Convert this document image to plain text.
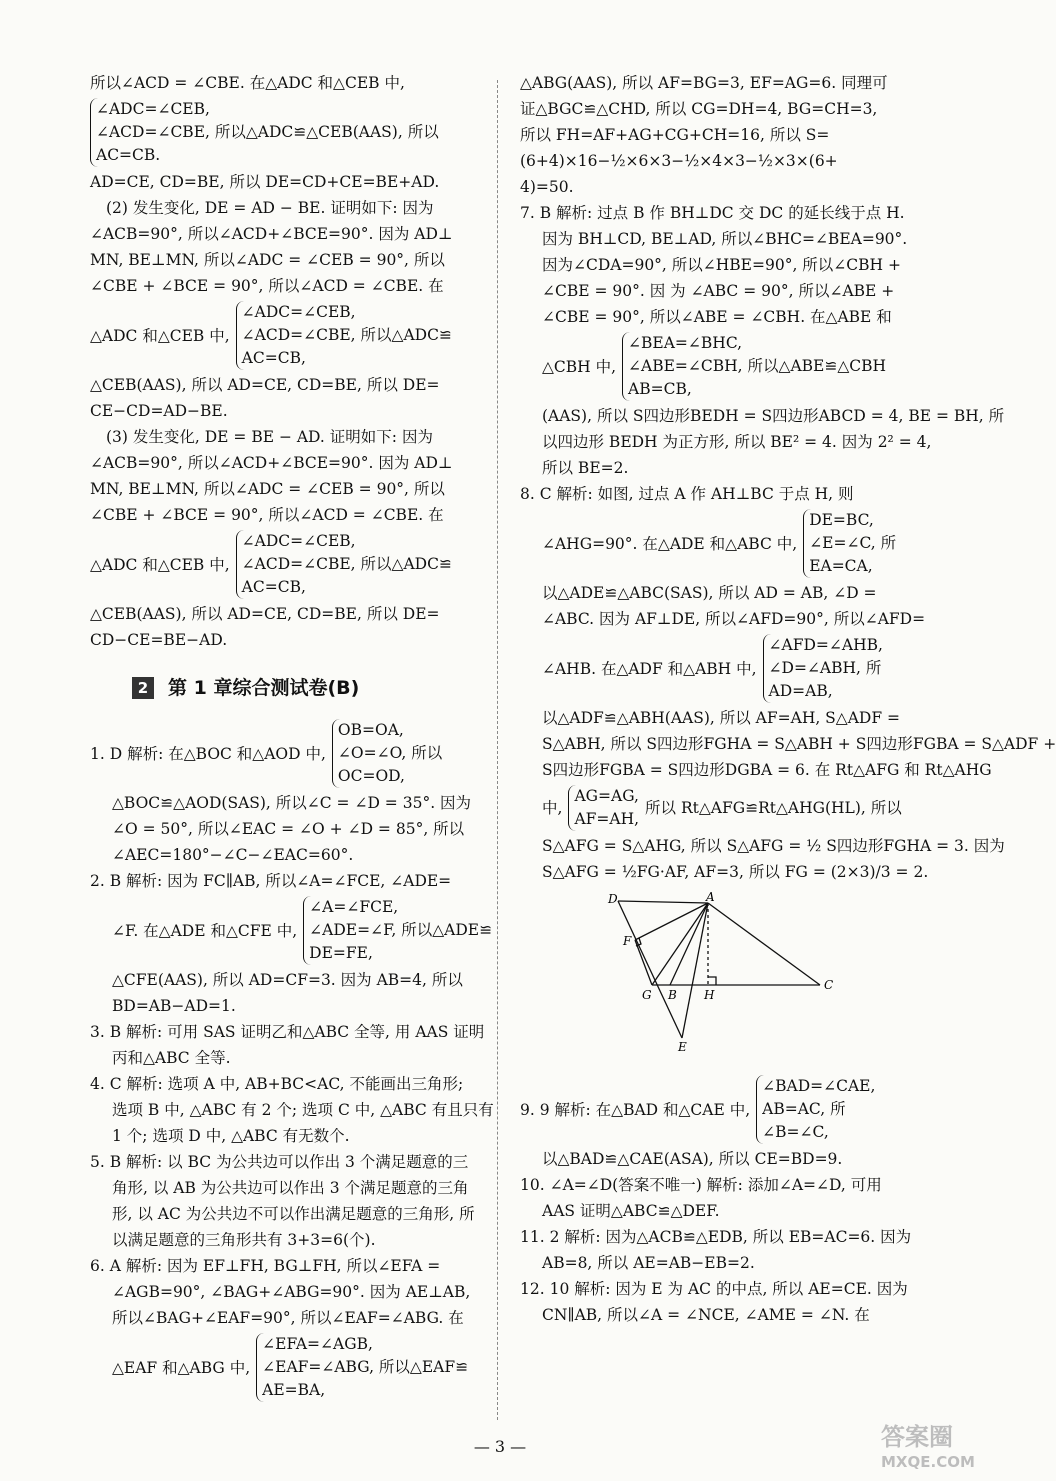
所以∠ACD = ∠CBE. 在△ADC 和△CEB 中,
∠ADC=∠CEB,
∠ACD=∠CBE, 所以△ADC≌△CEB(AAS), 所以
AC=CB.
AD=CE, CD=BE, 所以 DE=CD+CE=BE+AD.
(2) 发生变化, DE = AD − BE. 证明如下: 因为
∠ACB=90°, 所以∠ACD+∠BCE=90°. 因为 AD⊥
MN, BE⊥MN, 所以∠ADC = ∠CEB = 90°, 所以
∠CBE + ∠BCE = 90°, 所以∠ACD = ∠CBE. 在
△ADC 和△CEB 中,
∠ADC=∠CEB,
∠ACD=∠CBE, 所以△ADC≌
AC=CB,
△CEB(AAS), 所以 AD=CE, CD=BE, 所以 DE=
CE−CD=AD−BE.
(3) 发生变化, DE = BE − AD. 证明如下: 因为
∠ACB=90°, 所以∠ACD+∠BCE=90°. 因为 AD⊥
MN, BE⊥MN, 所以∠ADC = ∠CEB = 90°, 所以
∠CBE + ∠BCE = 90°, 所以∠ACD = ∠CBE. 在
△ADC 和△CEB 中,
∠ADC=∠CEB,
∠ACD=∠CBE, 所以△ADC≌
AC=CB,
△CEB(AAS), 所以 AD=CE, CD=BE, 所以 DE=
CD−CE=BE−AD.
2	第 1 章综合测试卷(B)
1. D 解析: 在△BOC 和△AOD 中,
OB=OA,
∠O=∠O, 所以
OC=OD,
△BOC≌△AOD(SAS), 所以∠C = ∠D = 35°. 因为
∠O = 50°, 所以∠EAC = ∠O + ∠D = 85°, 所以
∠AEC=180°−∠C−∠EAC=60°.
2. B 解析: 因为 FC∥AB, 所以∠A=∠FCE, ∠ADE=
∠F. 在△ADE 和△CFE 中,
∠A=∠FCE,
∠ADE=∠F, 所以△ADE≌
DE=FE,
△CFE(AAS), 所以 AD=CF=3. 因为 AB=4, 所以
BD=AB−AD=1.
3. B 解析: 可用 SAS 证明乙和△ABC 全等, 用 AAS 证明
丙和△ABC 全等.
4. C 解析: 选项 A 中, AB+BC<AC, 不能画出三角形;
选项 B 中, △ABC 有 2 个; 选项 C 中, △ABC 有且只有
1 个; 选项 D 中, △ABC 有无数个.
5. B 解析: 以 BC 为公共边可以作出 3 个满足题意的三
角形, 以 AB 为公共边可以作出 3 个满足题意的三角
形, 以 AC 为公共边不可以作出满足题意的三角形, 所
以满足题意的三角形共有 3+3=6(个).
6. A 解析: 因为 EF⊥FH, BG⊥FH, 所以∠EFA =
∠AGB=90°, ∠BAG+∠ABG=90°. 因为 AE⊥AB,
所以∠BAG+∠EAF=90°, 所以∠EAF=∠ABG. 在
△EAF 和△ABG 中,
∠EFA=∠AGB,
∠EAF=∠ABG, 所以△EAF≌
AE=BA,
△ABG(AAS), 所以 AF=BG=3, EF=AG=6. 同理可
证△BGC≌△CHD, 所以 CG=DH=4, BG=CH=3,
所以 FH=AF+AG+CG+CH=16, 所以 S=
(6+4)×16−½×6×3−½×4×3−½×3×(6+
4)=50.
7. B 解析: 过点 B 作 BH⊥DC 交 DC 的延长线于点 H.
因为 BH⊥CD, BE⊥AD, 所以∠BHC=∠BEA=90°.
因为∠CDA=90°, 所以∠HBE=90°, 所以∠CBH +
∠CBE = 90°. 因 为 ∠ABC = 90°, 所以∠ABE +
∠CBE = 90°, 所以∠ABE = ∠CBH. 在△ABE 和
△CBH 中,
∠BEA=∠BHC,
∠ABE=∠CBH, 所以△ABE≌△CBH
AB=CB,
(AAS), 所以 S四边形BEDH = S四边形ABCD = 4, BE = BH, 所
以四边形 BEDH 为正方形, 所以 BE² = 4. 因为 2² = 4,
所以 BE=2.
8. C 解析: 如图, 过点 A 作 AH⊥BC 于点 H, 则
∠AHG=90°. 在△ADE 和△ABC 中,
DE=BC,
∠E=∠C, 所
EA=CA,
以△ADE≌△ABC(SAS), 所以 AD = AB, ∠D =
∠ABC. 因为 AF⊥DE, 所以∠AFD=90°, 所以∠AFD=
∠AHB. 在△ADF 和△ABH 中,
∠AFD=∠AHB,
∠D=∠ABH, 所
AD=AB,
以△ADF≌△ABH(AAS), 所以 AF=AH, S△ADF =
S△ABH, 所以 S四边形FGHA = S△ABH + S四边形FGBA = S△ADF +
S四边形FGBA = S四边形DGBA = 6. 在 Rt△AFG 和 Rt△AHG
中,
AG=AG,
AF=AH,
所以 Rt△AFG≌Rt△AHG(HL), 所以
S△AFG = S△AHG, 所以 S△AFG = ½ S四边形FGHA = 3. 因为
S△AFG = ½FG·AF, AF=3, 所以 FG = (2×3)/3 = 2.
D	A
F
G B H
C
E
9. 9 解析: 在△BAD 和△CAE 中,
∠BAD=∠CAE,
AB=AC, 所
∠B=∠C,
以△BAD≌△CAE(ASA), 所以 CE=BD=9.
10. ∠A=∠D(答案不唯一) 解析: 添加∠A=∠D, 可用
AAS 证明△ABC≌△DEF.
11. 2 解析: 因为△ACB≌△EDB, 所以 EB=AC=6. 因为
AB=8, 所以 AE=AB−EB=2.
12. 10 解析: 因为 E 为 AC 的中点, 所以 AE=CE. 因为
CN∥AB, 所以∠A = ∠NCE, ∠AME = ∠N. 在
— 3 —	答案圈
MXQE.COM
